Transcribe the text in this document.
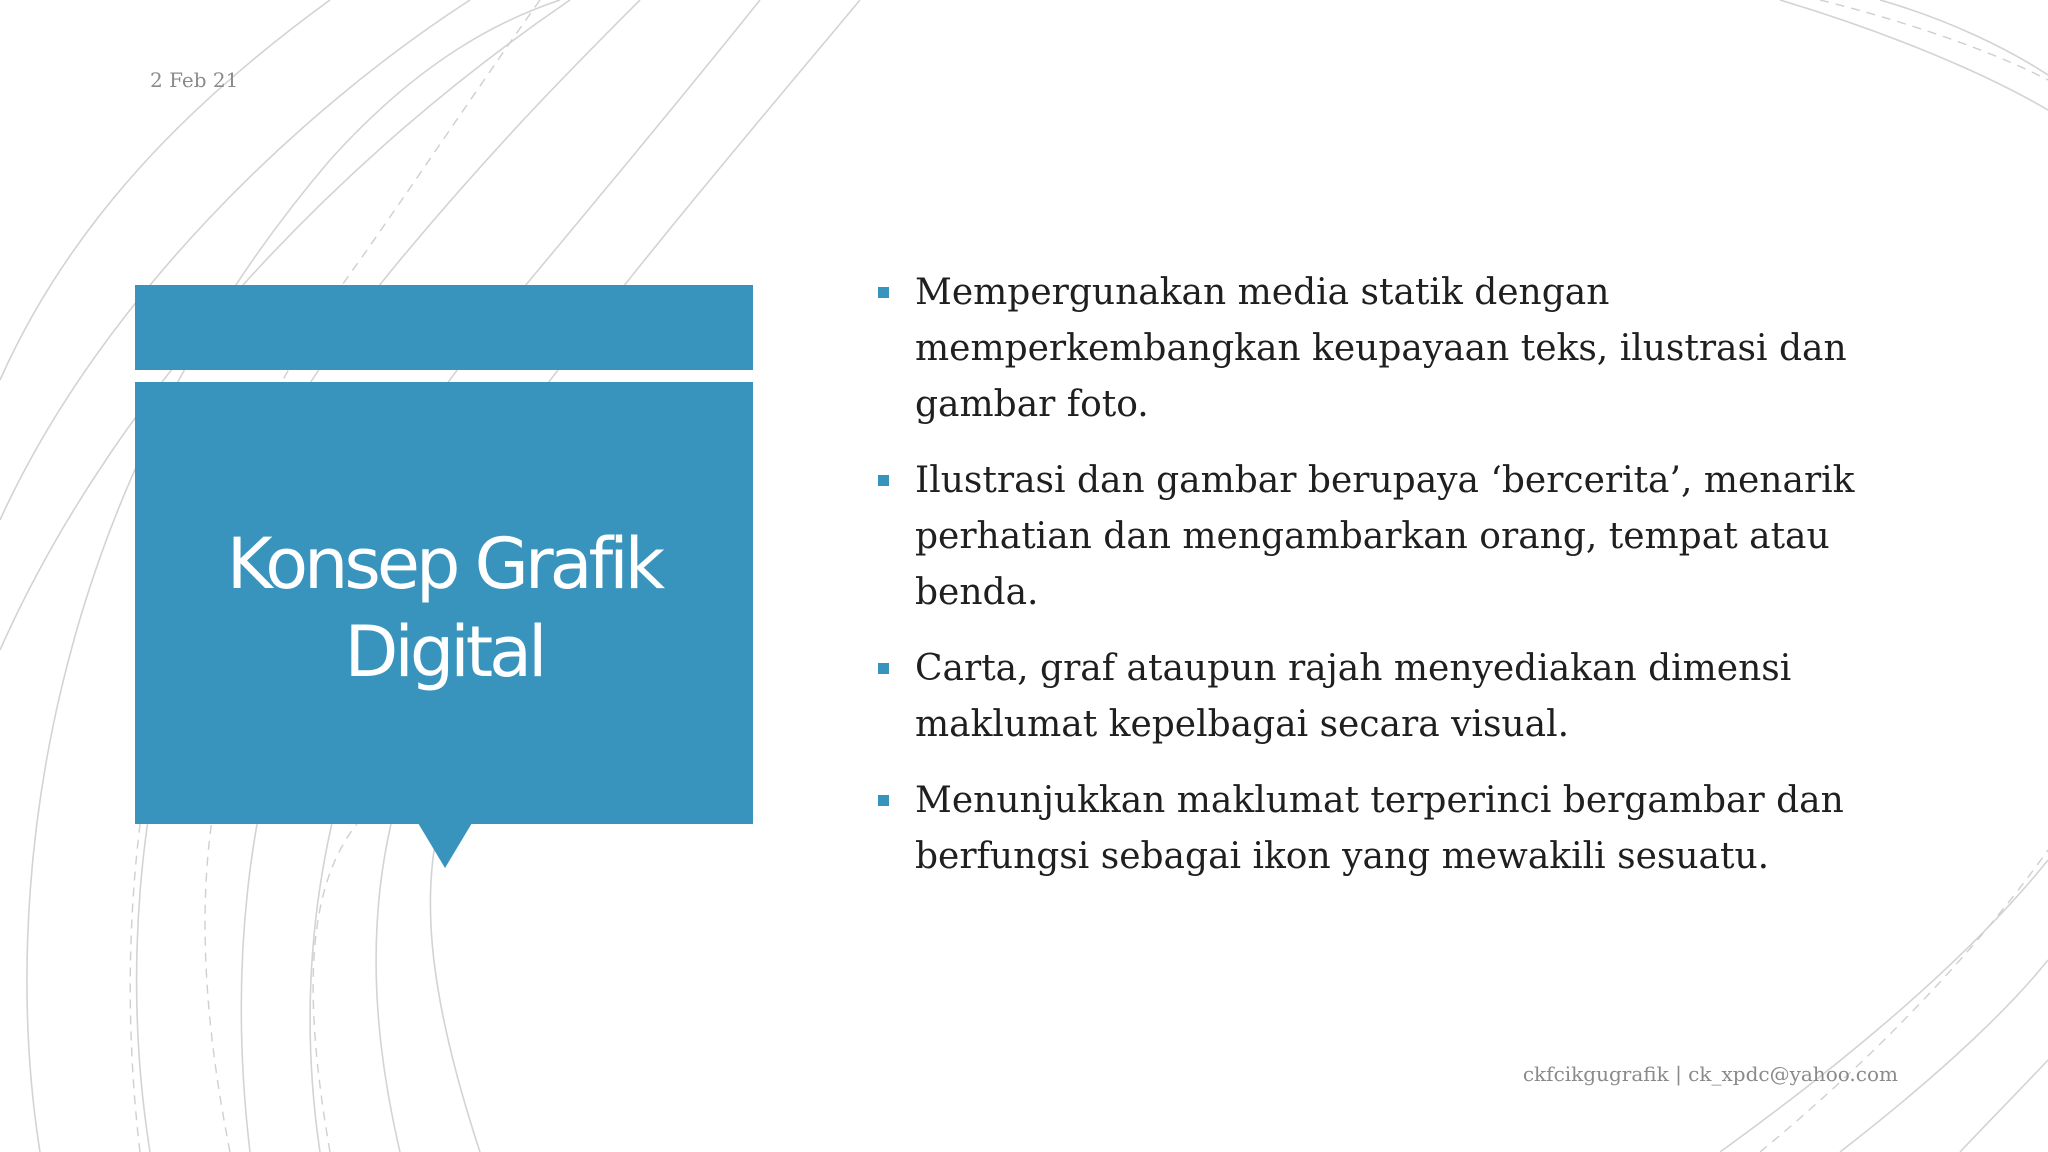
2 Feb 21
Konsep Grafik
Digital
Mempergunakan media statik dengan memperkembangkan keupayaan teks, ilustrasi dan gambar foto.
Ilustrasi dan gambar berupaya ‘bercerita’, menarik perhatian dan mengambarkan orang, tempat atau benda.
Carta, graf ataupun rajah menyediakan dimensi maklumat kepelbagai secara visual.
Menunjukkan maklumat terperinci bergambar dan berfungsi sebagai ikon yang mewakili sesuatu.
ckfcikgugrafik | ck_xpdc@yahoo.com
